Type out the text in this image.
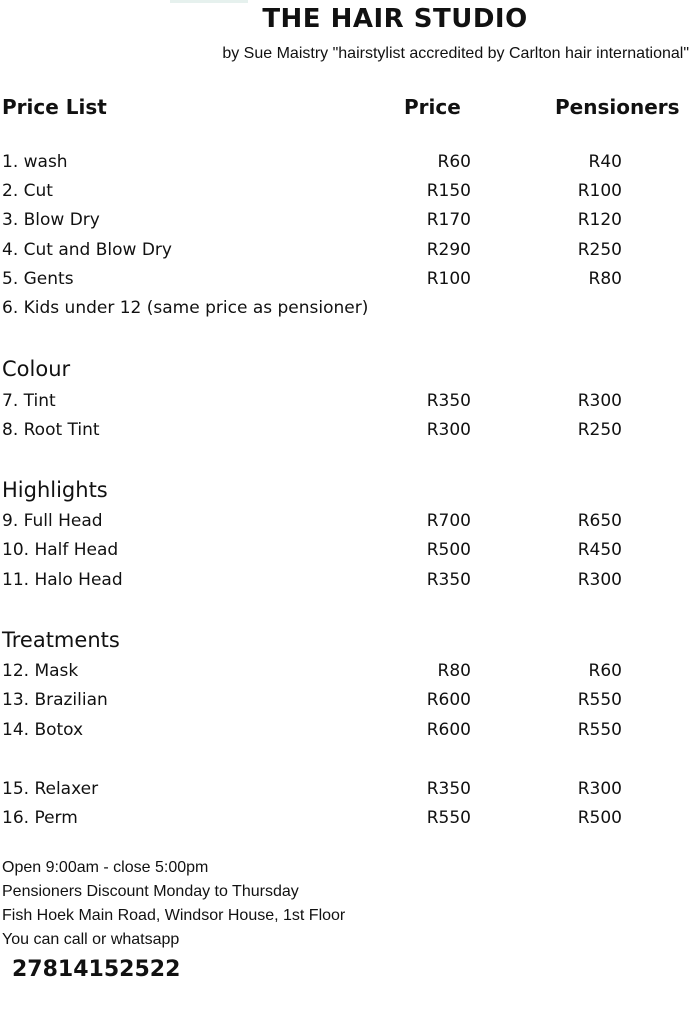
THE HAIR STUDIO
by Sue Maistry "hairstylist accredited by Carlton hair international"
Price List	Price	Pensioners
1. wash	R60	R40
2. Cut	R150	R100
3. Blow Dry	R170	R120
4. Cut and Blow Dry	R290	R250
5. Gents	R100	R80
6. Kids under 12 (same price as pensioner)
Colour
7. Tint	R350	R300
8. Root Tint	R300	R250
Highlights
9. Full Head	R700	R650
10. Half Head	R500	R450
11. Halo Head	R350	R300
Treatments
12. Mask	R80	R60
13. Brazilian	R600	R550
14. Botox	R600	R550
15. Relaxer	R350	R300
16. Perm	R550	R500
Open 9:00am - close 5:00pm
Pensioners Discount Monday to Thursday
Fish Hoek Main Road, Windsor House, 1st Floor
You can call or whatsapp
27814152522
